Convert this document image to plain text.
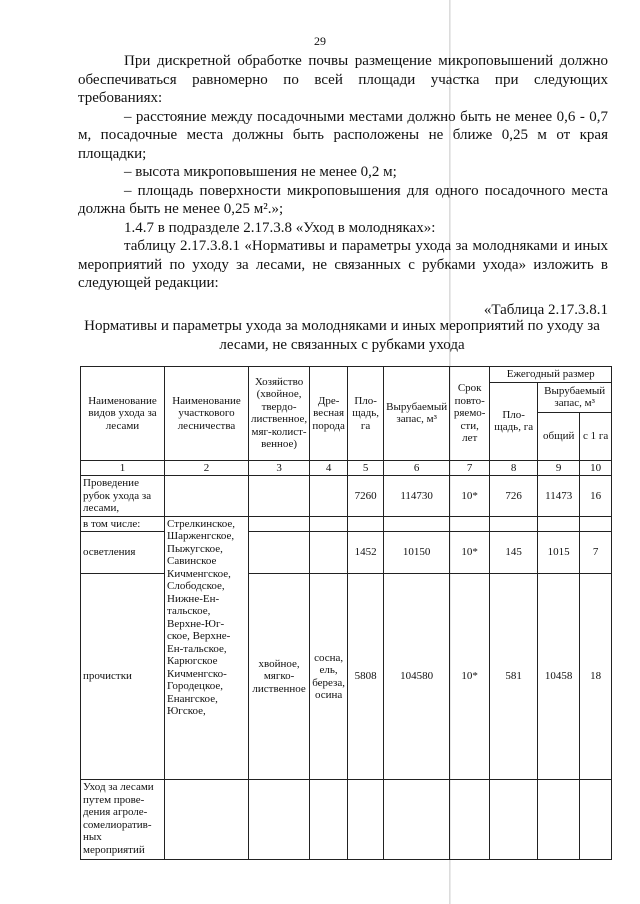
29

При дискретной обработке почвы размещение микроповышений должно обеспечиваться равномерно по всей площади участка при следующих требованиях:

– расстояние между посадочными местами должно быть не менее 0,6 - 0,7 м, посадочные места должны быть расположены не ближе 0,25 м от края площадки;

– высота микроповышения не менее 0,2 м;

– площадь поверхности микроповышения для одного посадочного места должна быть не менее 0,25 м².»;

1.4.7 в подразделе 2.17.3.8 «Уход в молодняках»:

таблицу 2.17.3.8.1 «Нормативы и параметры ухода за молодняками и иных мероприятий по уходу за лесами, не связанных с рубками ухода» изложить в следующей редакции:

«Таблица 2.17.3.8.1

Нормативы и параметры ухода за молодняками и иных мероприятий по уходу за лесами, не связанных с рубками ухода
Наименование видов ухода за лесами	Наименование участкового лесничества	Хозяйство (хвойное, твердо-лиственное, мяг-колист-венное)	Дре-весная порода	Пло-щадь, га	Вырубаемый запас, м³	Срок повто-ряемо-сти, лет	Ежегодный размер		
							Пло-щадь, га	Вырубаемый запас, м³	
								общий	с 1 га
1	2	3	4	5	6	7	8	9	10
Проведение рубок ухода за лесами,				7260	114730	10*	726	11473	16
в том числе:	Стрелкинское, Шарженгское, Пыжугское, Савинское Кичменгское, Слободское, Нижне-Ен-тальское, Верхне-Юг-ское, Верхне-Ен-тальское, Карюгское Кичменгско-Городецкое, Енангское, Югское,								
осветления				1452	10150	10*	145	1015	7
прочистки		хвойное, мягко-лиственное	сосна, ель, береза, осина	5808	104580	10*	581	10458	18
Уход за лесами путем прове-дения агроле-сомелиоратив-ных мероприятий									
